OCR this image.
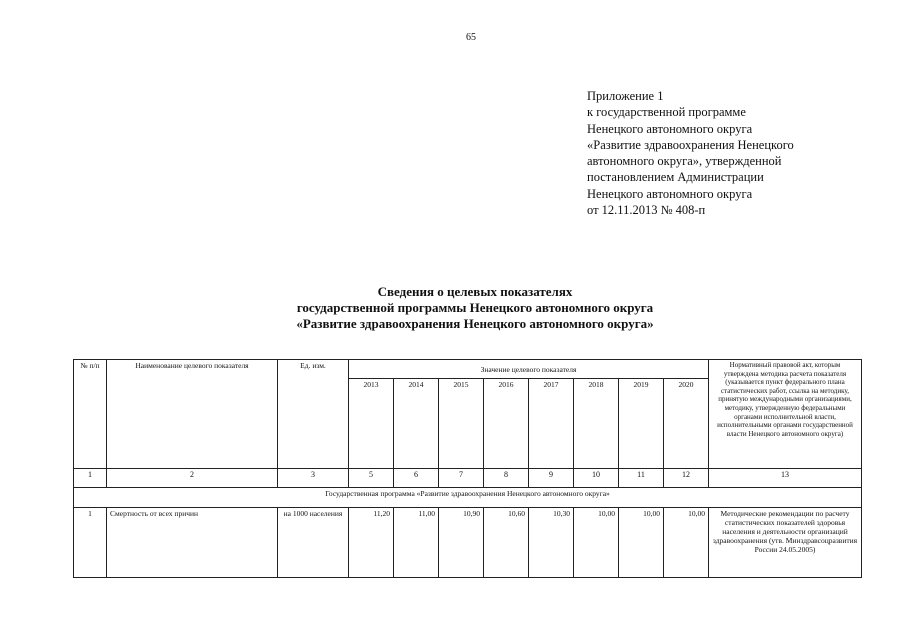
65
Приложение 1
к государственной программе
Ненецкого автономного округа
«Развитие здравоохранения Ненецкого
автономного округа», утвержденной
постановлением Администрации
Ненецкого автономного округа
от 12.11.2013 № 408-п
Сведения о целевых показателях
государственной программы Ненецкого автономного округа
«Развитие здравоохранения Ненецкого автономного округа»
№ п/п	Наименование целевого показателя	Ед. изм.	Значение целевого показателя								Нормативный правовой акт, которым утверждена методика расчета показателя (указывается пункт федерального плана статистических работ, ссылка на методику, принятую международными организациями, методику, утвержденную федеральными органами исполнительной власти, исполнительными органами государственной власти Ненецкого автономного округа)
			2013	2014	2015	2016	2017	2018	2019	2020	
1	2	3	5	6	7	8	9	10	11	12	13
Государственная программа «Развитие здравоохранения Ненецкого автономного округа»											
1	Смертность от всех причин	на 1000 населения	11,20	11,00	10,90	10,60	10,30	10,00	10,00	10,00	Методические рекомендации по расчету статистических показателей здоровья населения и деятельности организаций здравоохранения (утв. Минздравсоцразвития России 24.05.2005)
